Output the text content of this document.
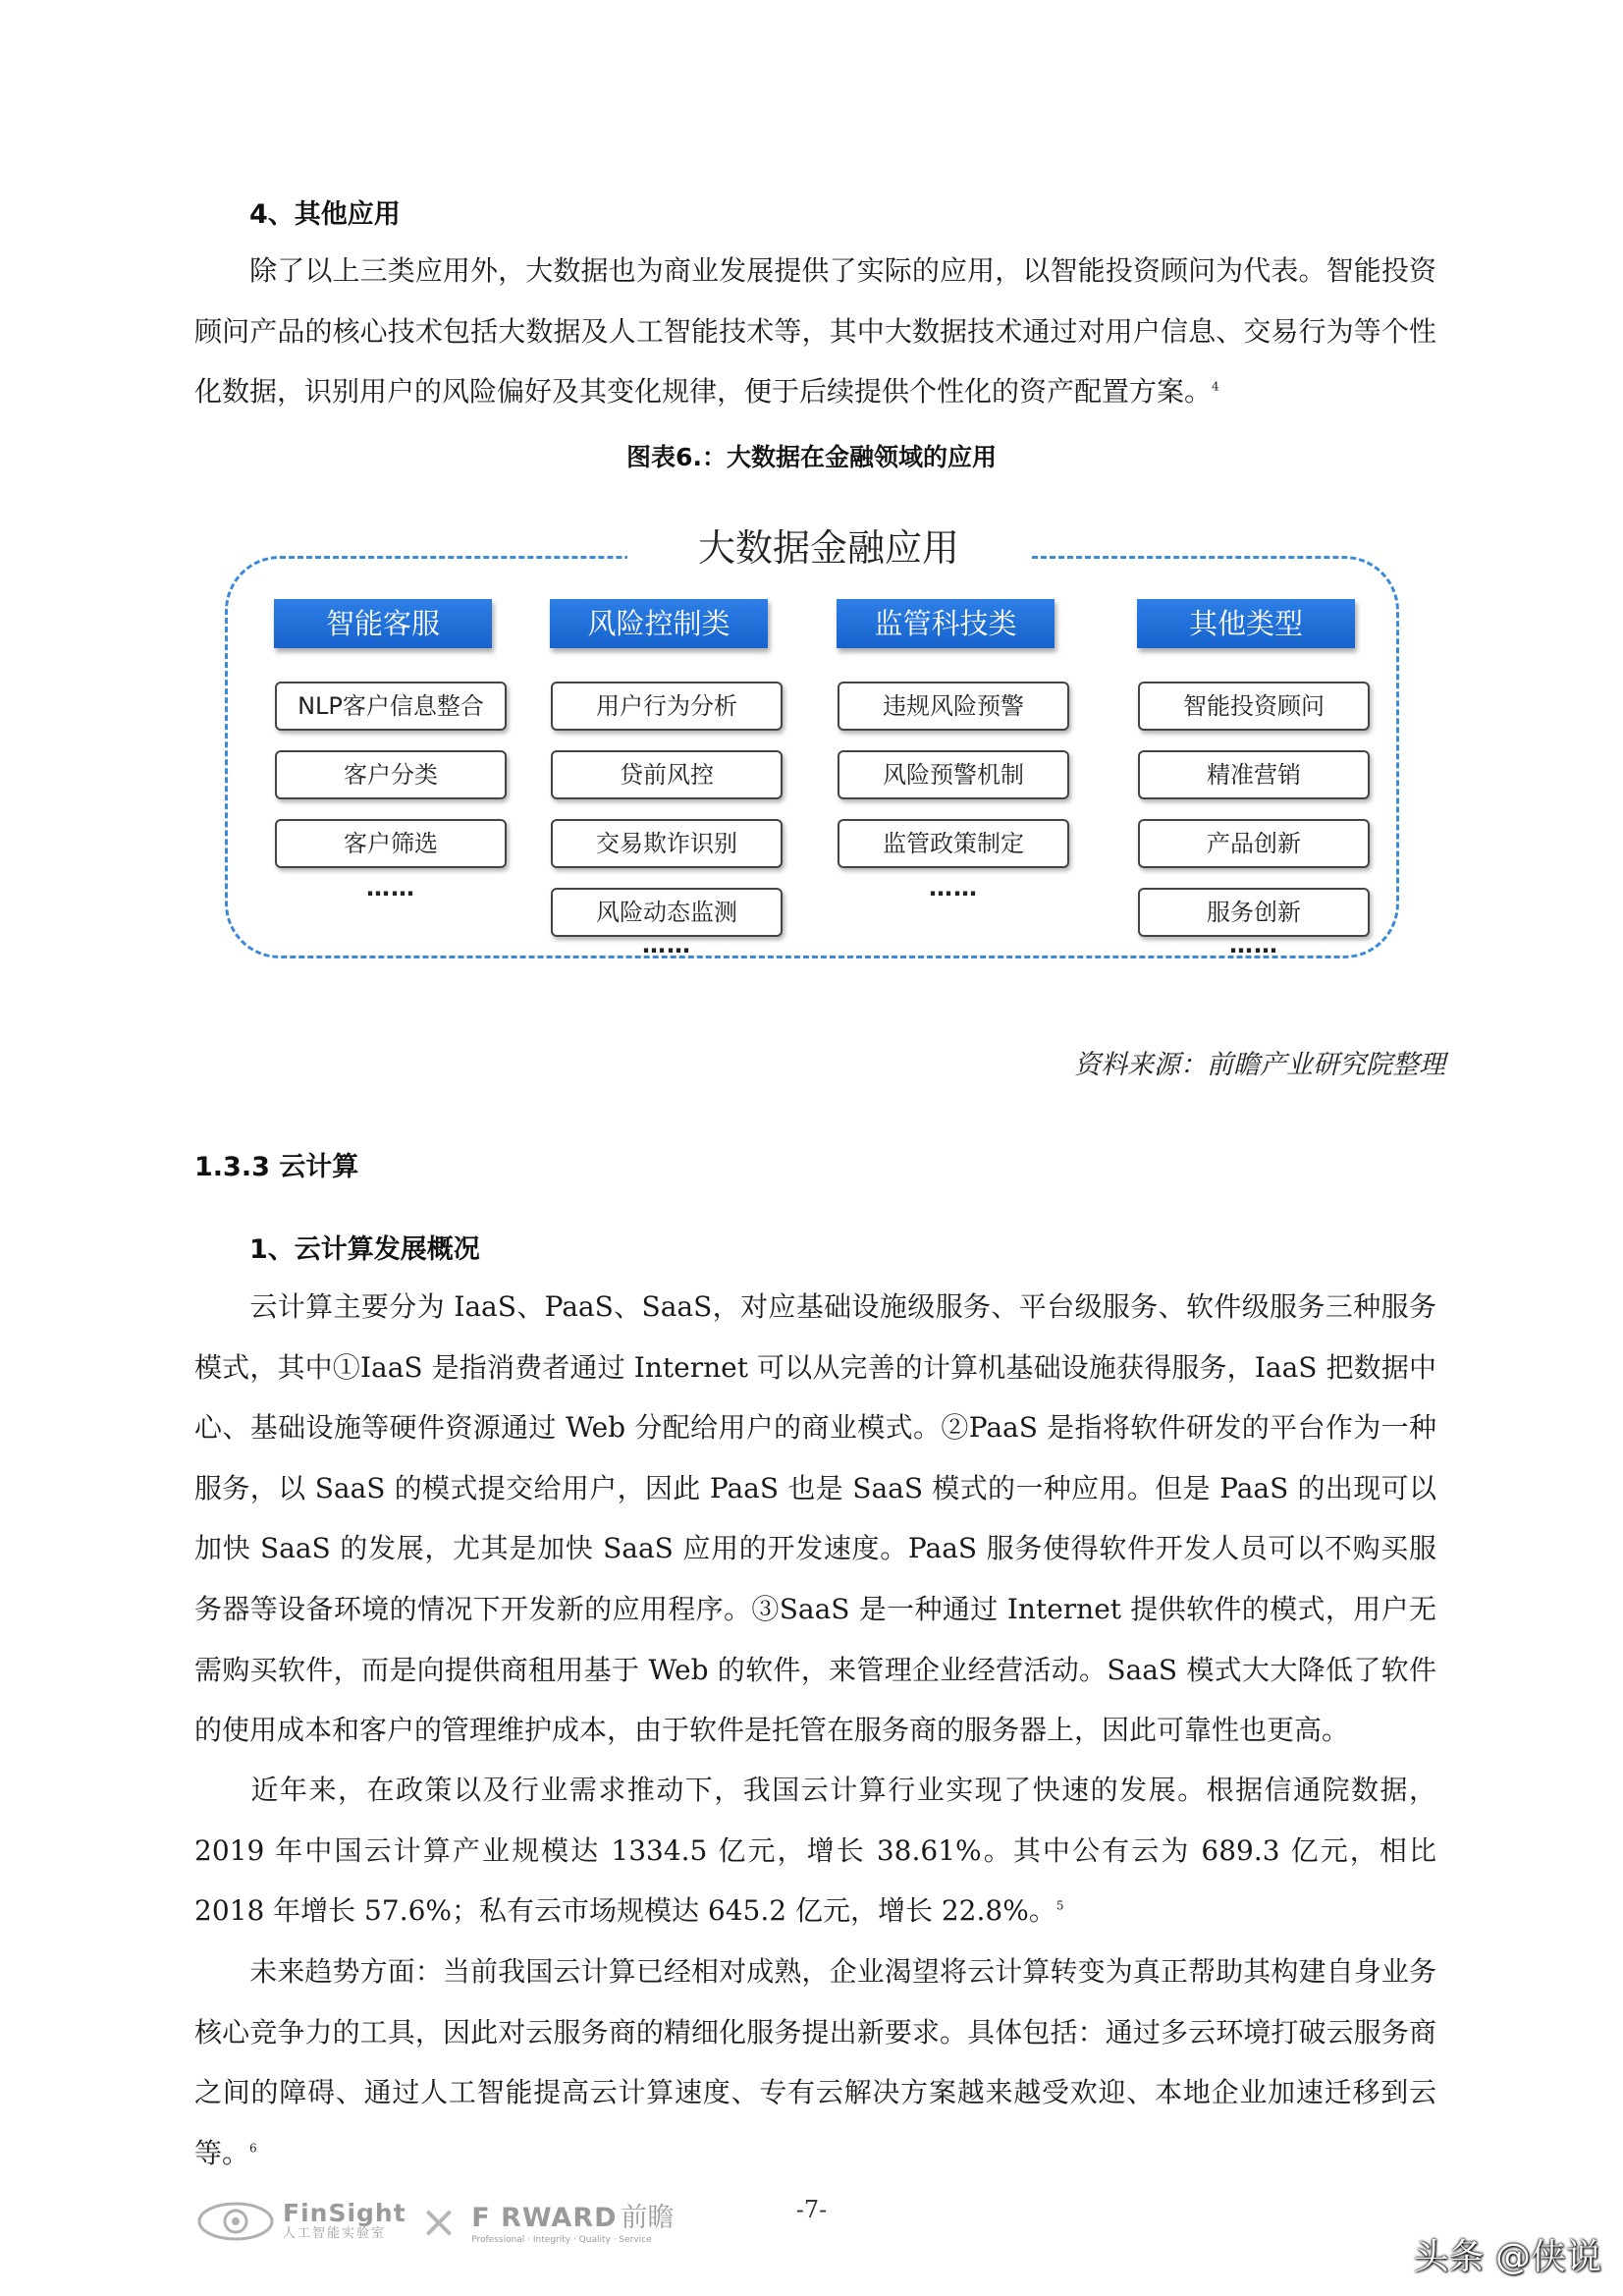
4、其他应用

除了以上三类应用外，大数据也为商业发展提供了实际的应用，以智能投资顾问为代表。智能投资顾问产品的核心技术包括大数据及人工智能技术等，其中大数据技术通过对用户信息、交易行为等个性化数据，识别用户的风险偏好及其变化规律，便于后续提供个性化的资产配置方案。$^4$

图表6.：大数据在金融领域的应用
大数据金融应用
智能客服
NLP客户信息整合
客户分类
客户筛选
……
风险控制类
用户行为分析
贷前风控
交易欺诈识别
风险动态监测
……
监管科技类
违规风险预警
风险预警机制
监管政策制定
……
其他类型
智能投资顾问
精准营销
产品创新
服务创新
……
资料来源：前瞻产业研究院整理
1.3.3 云计算
1、云计算发展概况

云计算主要分为 IaaS、PaaS、SaaS，对应基础设施级服务、平台级服务、软件级服务三种服务模式，其中①IaaS 是指消费者通过 Internet 可以从完善的计算机基础设施获得服务，IaaS 把数据中心、基础设施等硬件资源通过 Web 分配给用户的商业模式。②PaaS 是指将软件研发的平台作为一种服务，以 SaaS 的模式提交给用户，因此 PaaS 也是 SaaS 模式的一种应用。但是 PaaS 的出现可以加快 SaaS 的发展，尤其是加快 SaaS 应用的开发速度。PaaS 服务使得软件开发人员可以不购买服务器等设备环境的情况下开发新的应用程序。③SaaS 是一种通过 Internet 提供软件的模式，用户无需购买软件，而是向提供商租用基于 Web 的软件，来管理企业经营活动。SaaS 模式大大降低了软件的使用成本和客户的管理维护成本，由于软件是托管在服务商的服务器上，因此可靠性也更高。

近年来，在政策以及行业需求推动下，我国云计算行业实现了快速的发展。根据信通院数据，2019 年中国云计算产业规模达 1334.5 亿元，增长 38.61%。其中公有云为 689.3 亿元，相比 2018 年增长 57.6%；私有云市场规模达 645.2 亿元，增长 22.8%。$^5$

未来趋势方面：当前我国云计算已经相对成熟，企业渴望将云计算转变为真正帮助其构建自身业务核心竞争力的工具，因此对云服务商的精细化服务提出新要求。具体包括：通过多云环境打破云服务商之间的障碍、通过人工智能提高云计算速度、专有云解决方案越来越受欢迎、本地企业加速迁移到云等。$^6$

FinSight
人工智能实验室 × F RWARD 前瞻
Professional · Integrity · Quality · Service
-7-
头条 @侠说
